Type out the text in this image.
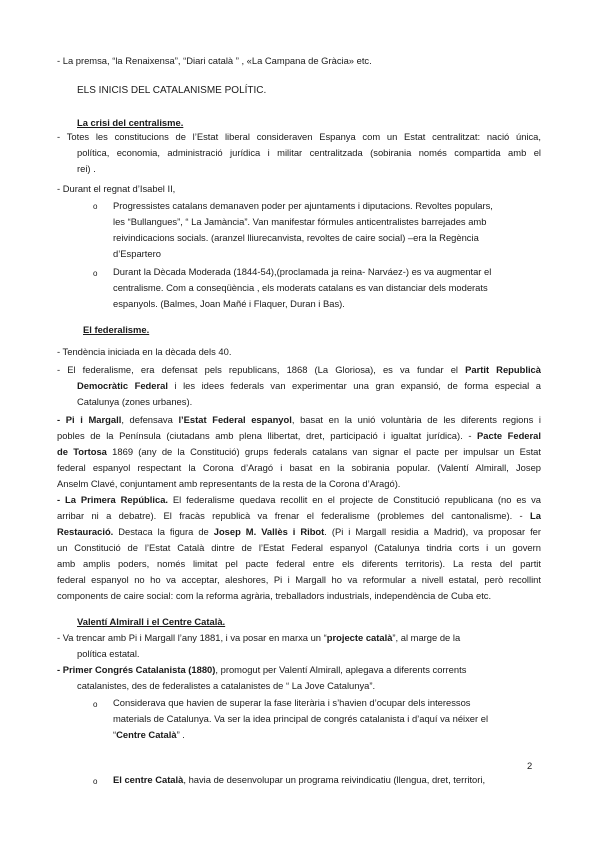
- La premsa, “la Renaixensa”, “Diari català ” , «La Campana de Gràcia» etc.
ELS INICIS DEL CATALANISME POLÍTIC.
La crisi del centralisme.
- Totes les constitucions de l’Estat liberal consideraven Espanya com un Estat centralitzat: nació única,
política, economia, administració jurídica i militar centralitzada (sobirania només compartida amb el
rei) .
- Durant el regnat d’Isabel II,
o Progressistes catalans demanaven poder per ajuntaments i diputacions. Revoltes populars,
les “Bullangues”, “ La Jamància”. Van manifestar fórmules anticentralistes barrejades amb
reivindicacions socials. (aranzel lliurecanvista, revoltes de caire social) –era la Regència
d’Espartero
o Durant la Dècada Moderada (1844-54),(proclamada ja reina- Narváez-) es va augmentar el
centralisme. Com a conseqüència , els moderats catalans es van distanciar dels moderats
espanyols. (Balmes, Joan Mañé i Flaquer, Duran i Bas).
El federalisme.
- Tendència iniciada en la dècada dels 40.
- El federalisme, era defensat pels republicans, 1868 (La Gloriosa), es va fundar el Partit Republicà
Democràtic Federal i les idees federals van experimentar una gran expansió, de forma especial a
Catalunya (zones urbanes).
- Pi i Margall, defensava l’Estat Federal espanyol, basat en la unió voluntària de les diferents regions i
pobles de la Península (ciutadans amb plena llibertat, dret, participació i igualtat jurídica). - Pacte Federal
de Tortosa 1869 (any de la Constitució) grups federals catalans van signar el pacte per impulsar un Estat
federal espanyol respectant la Corona d’Aragó i basat en la sobirania popular. (Valentí Almirall, Josep
Anselm Clavé, conjuntament amb representants de la resta de la Corona d’Aragó).
- La Primera República. El federalisme quedava recollit en el projecte de Constitució republicana (no es va
arribar ni a debatre). El fracàs republicà va frenar el federalisme (problemes del cantonalisme). - La
Restauració. Destaca la figura de Josep M. Vallès i Ribot. (Pi i Margall residia a Madrid), va proposar fer
un Constitució de l’Estat Català dintre de l’Estat Federal espanyol (Catalunya tindria corts i un govern
amb amplis poders, només limitat pel pacte federal entre els diferents territoris). La resta del partit
federal espanyol no ho va acceptar, aleshores, Pi i Margall ho va reformular a nivell estatal, però recollint
components de caire social: com la reforma agrària, treballadors industrials, independència de Cuba etc.
Valentí Almirall i el Centre Català.
- Va trencar amb Pi i Margall l’any 1881, i va posar en marxa un “projecte català”, al marge de la
política estatal.
- Primer Congrés Catalanista (1880), promogut per Valentí Almirall, aplegava a diferents corrents
catalanistes, des de federalistes a catalanistes de “ La Jove Catalunya”.
o Considerava que havien de superar la fase literària i s’havien d’ocupar dels interessos
materials de Catalunya. Va ser la idea principal de congrés catalanista i d’aquí va néixer el
“Centre Català” .
2
o El centre Català, havia de desenvolupar un programa reivindicatiu (llengua, dret, territori,
